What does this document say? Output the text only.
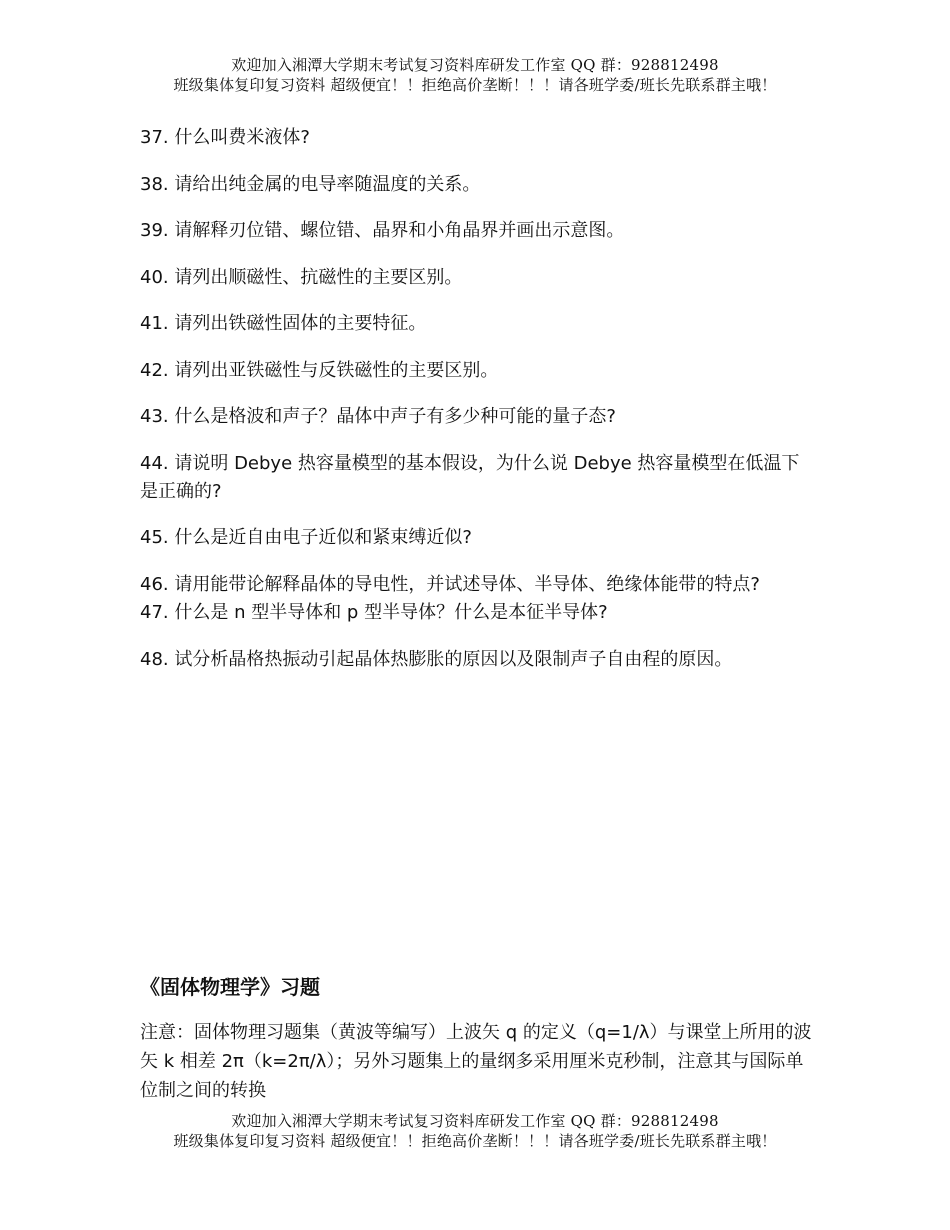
欢迎加入湘潭大学期末考试复习资料库研发工作室 QQ 群：928812498
班级集体复印复习资料 超级便宜！！拒绝高价垄断！！！请各班学委/班长先联系群主哦！
37. 什么叫费米液体?
38. 请给出纯金属的电导率随温度的关系。
39. 请解释刃位错、螺位错、晶界和小角晶界并画出示意图。
40. 请列出顺磁性、抗磁性的主要区别。
41. 请列出铁磁性固体的主要特征。
42. 请列出亚铁磁性与反铁磁性的主要区别。
43. 什么是格波和声子？晶体中声子有多少种可能的量子态?
44. 请说明 Debye 热容量模型的基本假设，为什么说 Debye 热容量模型在低温下是正确的?
45. 什么是近自由电子近似和紧束缚近似?
46. 请用能带论解释晶体的导电性，并试述导体、半导体、绝缘体能带的特点?
47. 什么是 n 型半导体和 p 型半导体？什么是本征半导体?
48. 试分析晶格热振动引起晶体热膨胀的原因以及限制声子自由程的原因。
《固体物理学》习题
注意：固体物理习题集（黄波等编写）上波矢 q 的定义（q=1/λ）与课堂上所用的波矢 k 相差 2π（k=2π/λ）；另外习题集上的量纲多采用厘米克秒制，注意其与国际单位制之间的转换
欢迎加入湘潭大学期末考试复习资料库研发工作室 QQ 群：928812498
班级集体复印复习资料 超级便宜！！拒绝高价垄断！！！请各班学委/班长先联系群主哦！
